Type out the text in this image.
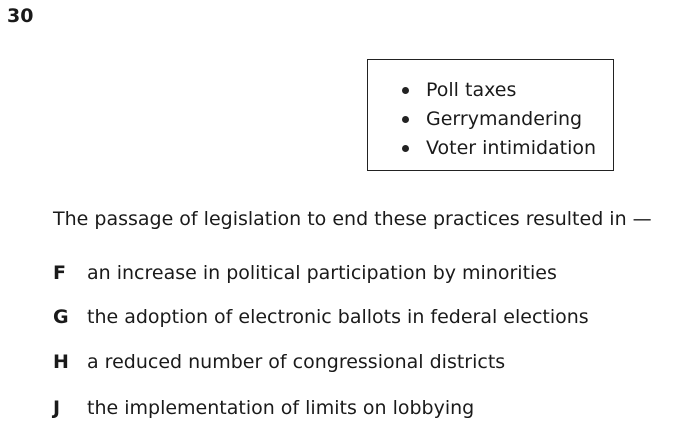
30
Poll taxes
Gerrymandering
Voter intimidation
The passage of legislation to end these practices resulted in —
F an increase in political participation by minorities
G the adoption of electronic ballots in federal elections
H a reduced number of congressional districts
J the implementation of limits on lobbying
